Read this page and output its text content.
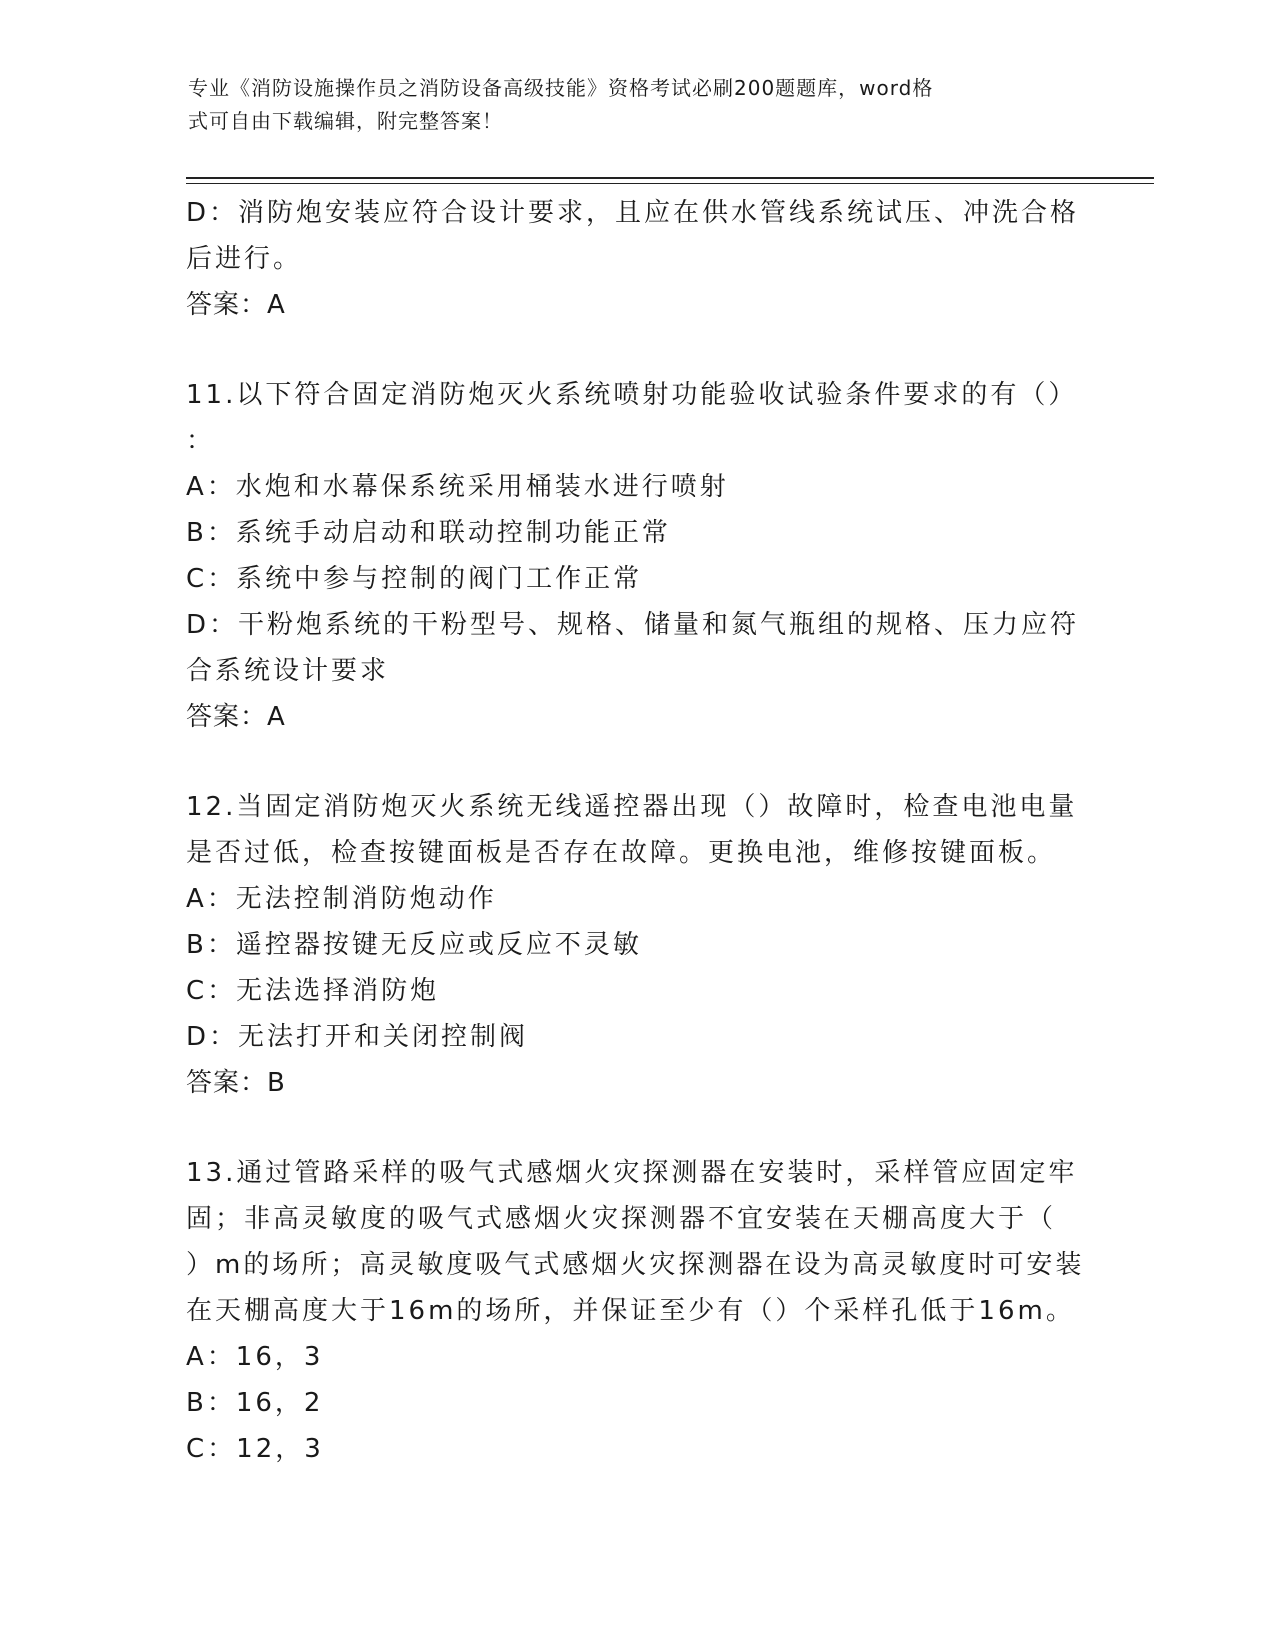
专业《消防设施操作员之消防设备高级技能》资格考试必刷200题题库，word格
式可自由下载编辑，附完整答案！
D：消防炮安装应符合设计要求，且应在供水管线系统试压、冲洗合格
后进行。
答案：A
11.以下符合固定消防炮灭火系统喷射功能验收试验条件要求的有（）
：
A：水炮和水幕保系统采用桶装水进行喷射
B：系统手动启动和联动控制功能正常
C：系统中参与控制的阀门工作正常
D：干粉炮系统的干粉型号、规格、储量和氮气瓶组的规格、压力应符
合系统设计要求
答案：A
12.当固定消防炮灭火系统无线遥控器出现（）故障时，检查电池电量
是否过低，检查按键面板是否存在故障。更换电池，维修按键面板。
A：无法控制消防炮动作
B：遥控器按键无反应或反应不灵敏
C：无法选择消防炮
D：无法打开和关闭控制阀
答案：B
13.通过管路采样的吸气式感烟火灾探测器在安装时，采样管应固定牢
固；非高灵敏度的吸气式感烟火灾探测器不宜安装在天棚高度大于（
）m的场所；高灵敏度吸气式感烟火灾探测器在设为高灵敏度时可安装
在天棚高度大于16m的场所，并保证至少有（）个采样孔低于16m。
A：16，3
B：16，2
C：12，3
